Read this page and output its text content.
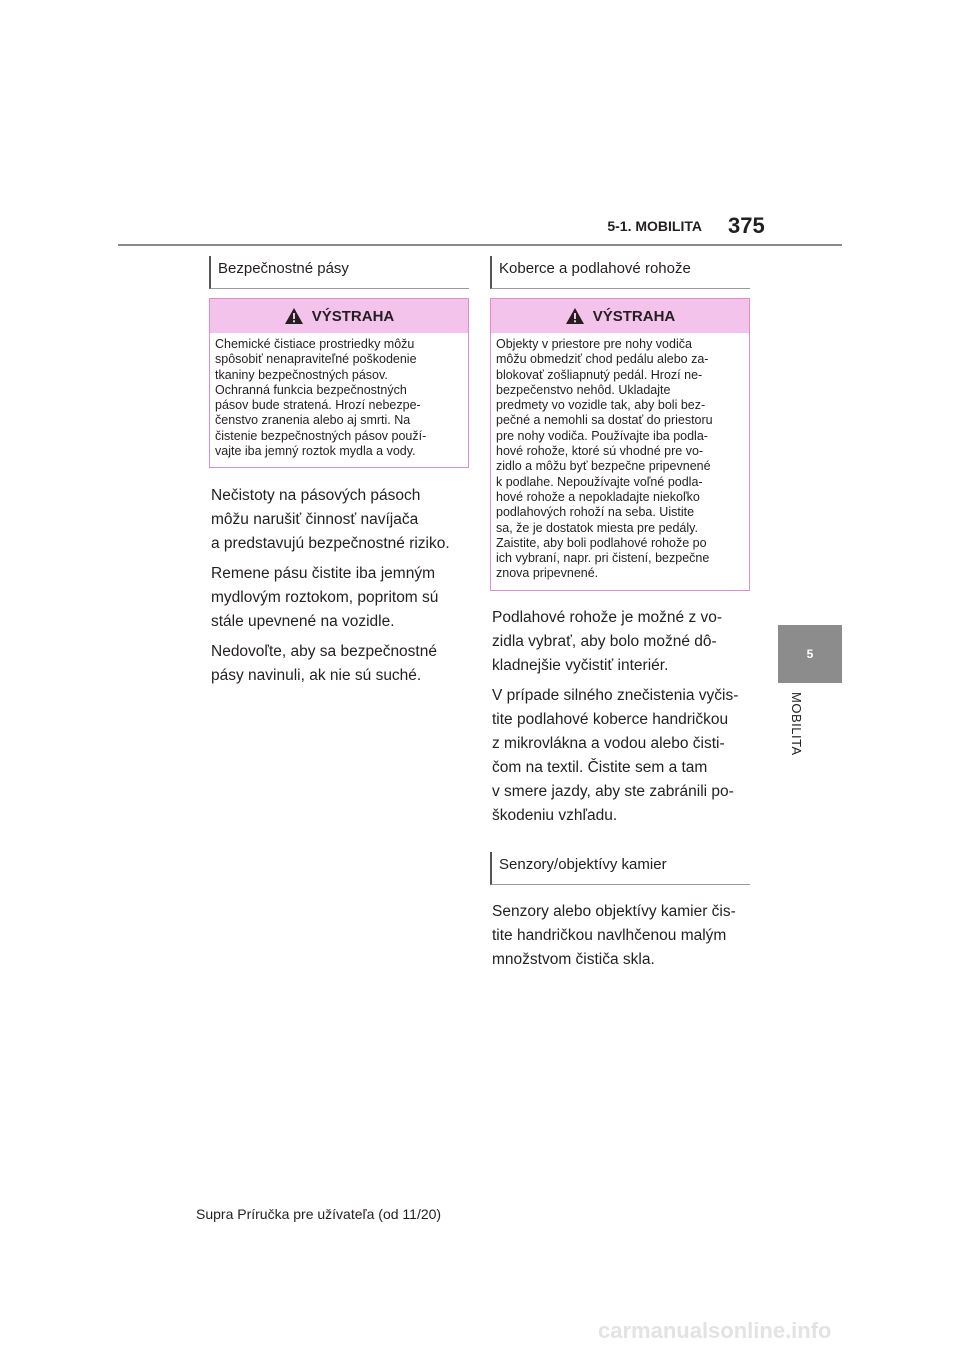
5-1. MOBILITA 375
5
MOBILITA
Bezpečnostné pásy
VÝSTRAHA
Chemické čistiace prostriedky môžu
spôsobiť nenapraviteľné poškodenie
tkaniny bezpečnostných pásov.
Ochranná funkcia bezpečnostných
pásov bude stratená. Hrozí nebezpe-
čenstvo zranenia alebo aj smrti. Na
čistenie bezpečnostných pásov použí-
vajte iba jemný roztok mydla a vody.

Nečistoty na pásových pásoch
môžu narušiť činnosť navíjača
a predstavujú bezpečnostné riziko.

Remene pásu čistite iba jemným
mydlovým roztokom, popritom sú
stále upevnené na vozidle.

Nedovoľte, aby sa bezpečnostné
pásy navinuli, ak nie sú suché.

Koberce a podlahové rohože
VÝSTRAHA
Objekty v priestore pre nohy vodiča
môžu obmedziť chod pedálu alebo za-
blokovať zošliapnutý pedál. Hrozí ne-
bezpečenstvo nehôd. Ukladajte
predmety vo vozidle tak, aby boli bez-
pečné a nemohli sa dostať do priestoru
pre nohy vodiča. Používajte iba podla-
hové rohože, ktoré sú vhodné pre vo-
zidlo a môžu byť bezpečne pripevnené
k podlahe. Nepoužívajte voľné podla-
hové rohože a nepokladajte niekoľko
podlahových rohoží na seba. Uistite
sa, že je dostatok miesta pre pedály.
Zaistite, aby boli podlahové rohože po
ich vybraní, napr. pri čistení, bezpečne
znova pripevnené.

Podlahové rohože je možné z vo-
zidla vybrať, aby bolo možné dô-
kladnejšie vyčistiť interiér.

V prípade silného znečistenia vyčis-
tite podlahové koberce handričkou
z mikrovlákna a vodou alebo čisti-
čom na textil. Čistite sem a tam
v smere jazdy, aby ste zabránili po-
škodeniu vzhľadu.

Senzory/objektívy kamier

Senzory alebo objektívy kamier čis-
tite handričkou navlhčenou malým
množstvom čističa skla.

Supra Príručka pre užívateľa (od 11/20)
carmanualsonline.info
